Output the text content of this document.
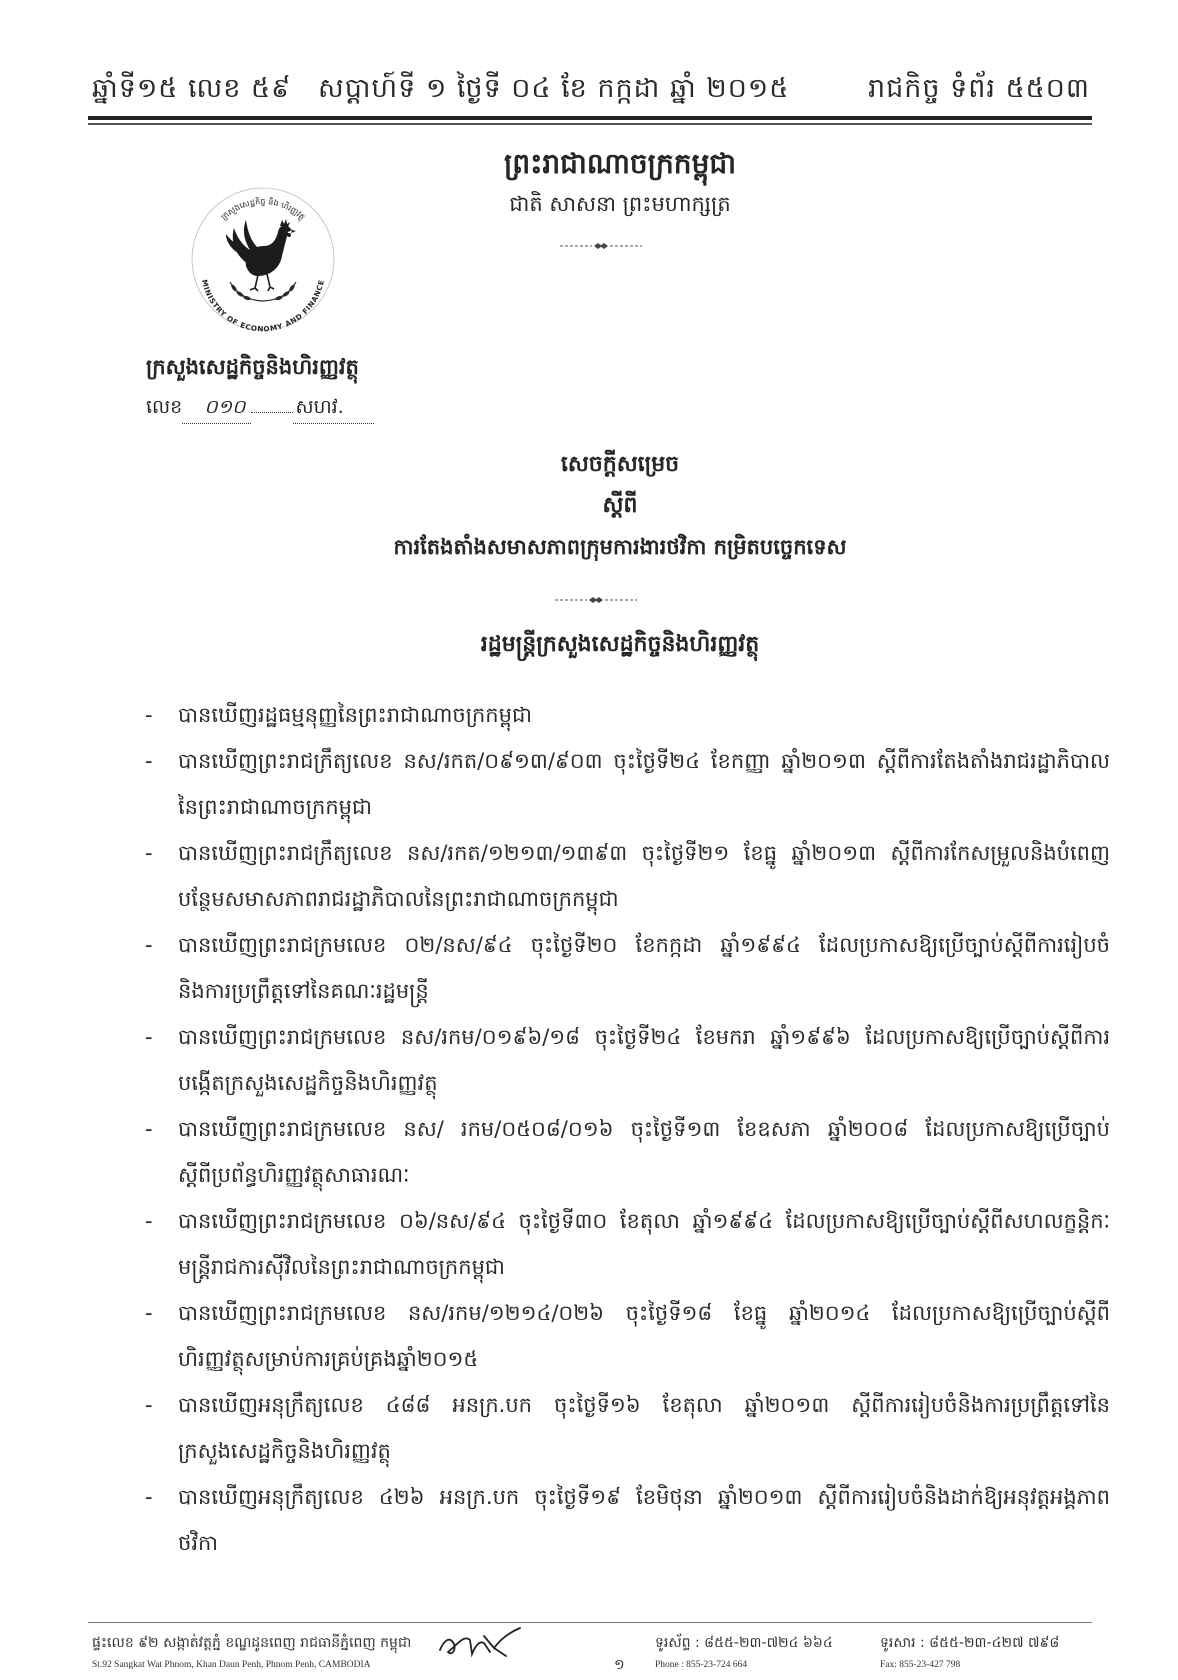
ឆ្នាំទី១៥ លេខ ៥៩ សប្តាហ៍ទី ១ ថ្ងៃទី ០៤ ខែ កក្កដា ឆ្នាំ ២០១៥	រាជកិច្ច ទំព័រ ៥៥០៣
ព្រះរាជាណាចក្រកម្ពុជា
ជាតិ សាសនា ព្រះមហាក្សត្រ
ក្រសួងសេដ្ឋកិច្ច និង ហិរញ្ញវត្ថុ
MINISTRY OF ECONOMY AND FINANCE
ក្រសួងសេដ្ឋកិច្ចនិងហិរញ្ញវត្ថុ
លេខ	០១០	សហវ.
សេចក្តីសម្រេច
ស្តីពី
ការតែងតាំងសមាសភាពក្រុមការងារថវិកា កម្រិតបច្ចេកទេស
រដ្ឋមន្ត្រីក្រសួងសេដ្ឋកិច្ចនិងហិរញ្ញវត្ថុ
-	បានឃើញរដ្ឋធម្មនុញ្ញនៃព្រះរាជាណាចក្រកម្ពុជា
-	បានឃើញព្រះរាជក្រឹត្យលេខ នស/រកត/០៩១៣/៩០៣ ចុះថ្ងៃទី២៤ ខែកញ្ញា ឆ្នាំ២០១៣ ស្តីពីការតែងតាំងរាជរដ្ឋាភិបាល
នៃព្រះរាជាណាចក្រកម្ពុជា
-	បានឃើញព្រះរាជក្រឹត្យលេខ នស/រកត/១២១៣/១៣៩៣ ចុះថ្ងៃទី២១ ខែធ្នូ ឆ្នាំ២០១៣ ស្តីពីការកែសម្រួលនិងបំពេញ
បន្ថែមសមាសភាពរាជរដ្ឋាភិបាលនៃព្រះរាជាណាចក្រកម្ពុជា
-	បានឃើញព្រះរាជក្រមលេខ ០២/នស/៩៤ ចុះថ្ងៃទី២០ ខែកក្កដា ឆ្នាំ១៩៩៤ ដែលប្រកាសឱ្យប្រើច្បាប់ស្តីពីការរៀបចំ
និងការប្រព្រឹត្តទៅនៃគណៈរដ្ឋមន្ត្រី
-	បានឃើញព្រះរាជក្រមលេខ នស/រកម/០១៩៦/១៨ ចុះថ្ងៃទី២៤ ខែមករា ឆ្នាំ១៩៩៦ ដែលប្រកាសឱ្យប្រើច្បាប់ស្តីពីការ
បង្កើតក្រសួងសេដ្ឋកិច្ចនិងហិរញ្ញវត្ថុ
-	បានឃើញព្រះរាជក្រមលេខ នស/ រកម/០៥០៨/០១៦ ចុះថ្ងៃទី១៣ ខែឧសភា ឆ្នាំ២០០៨ ដែលប្រកាសឱ្យប្រើច្បាប់
ស្តីពីប្រព័ន្ធហិរញ្ញវត្ថុសាធារណៈ
-	បានឃើញព្រះរាជក្រមលេខ ០៦/នស/៩៤ ចុះថ្ងៃទី៣០ ខែតុលា ឆ្នាំ១៩៩៤ ដែលប្រកាសឱ្យប្រើច្បាប់ស្តីពីសហលក្ខន្តិកៈ
មន្ត្រីរាជការស៊ីវិលនៃព្រះរាជាណាចក្រកម្ពុជា
-	បានឃើញព្រះរាជក្រមលេខ នស/រកម/១២១៤/០២៦ ចុះថ្ងៃទី១៨ ខែធ្នូ ឆ្នាំ២០១៤ ដែលប្រកាសឱ្យប្រើច្បាប់ស្តីពី
ហិរញ្ញវត្ថុសម្រាប់ការគ្រប់គ្រងឆ្នាំ២០១៥
-	បានឃើញអនុក្រឹត្យលេខ ៤៨៨ អនក្រ.បក ចុះថ្ងៃទី១៦ ខែតុលា ឆ្នាំ២០១៣ ស្តីពីការរៀបចំនិងការប្រព្រឹត្តទៅនៃ
ក្រសួងសេដ្ឋកិច្ចនិងហិរញ្ញវត្ថុ
-	បានឃើញអនុក្រឹត្យលេខ ៤២៦ អនក្រ.បក ចុះថ្ងៃទី១៩ ខែមិថុនា ឆ្នាំ២០១៣ ស្តីពីការរៀបចំនិងដាក់ឱ្យអនុវត្តអង្គភាព
ថវិកា
ផ្ទះលេខ ៩២ សង្កាត់វត្តភ្នំ ខណ្ឌដូនពេញ រាជធានីភ្នំពេញ កម្ពុជា
St.92 Sangkat Wat Phnom, Khan Daun Penh, Phnom Penh, CAMBODIA	១
ទូរស័ព្ទ : ៨៥៥-២៣-៧២៤ ៦៦៤
Phone : 855-23-724 664
ទូរសារ : ៨៥៥-២៣-៤២៧ ៧៩៨
Fax: 855-23-427 798
